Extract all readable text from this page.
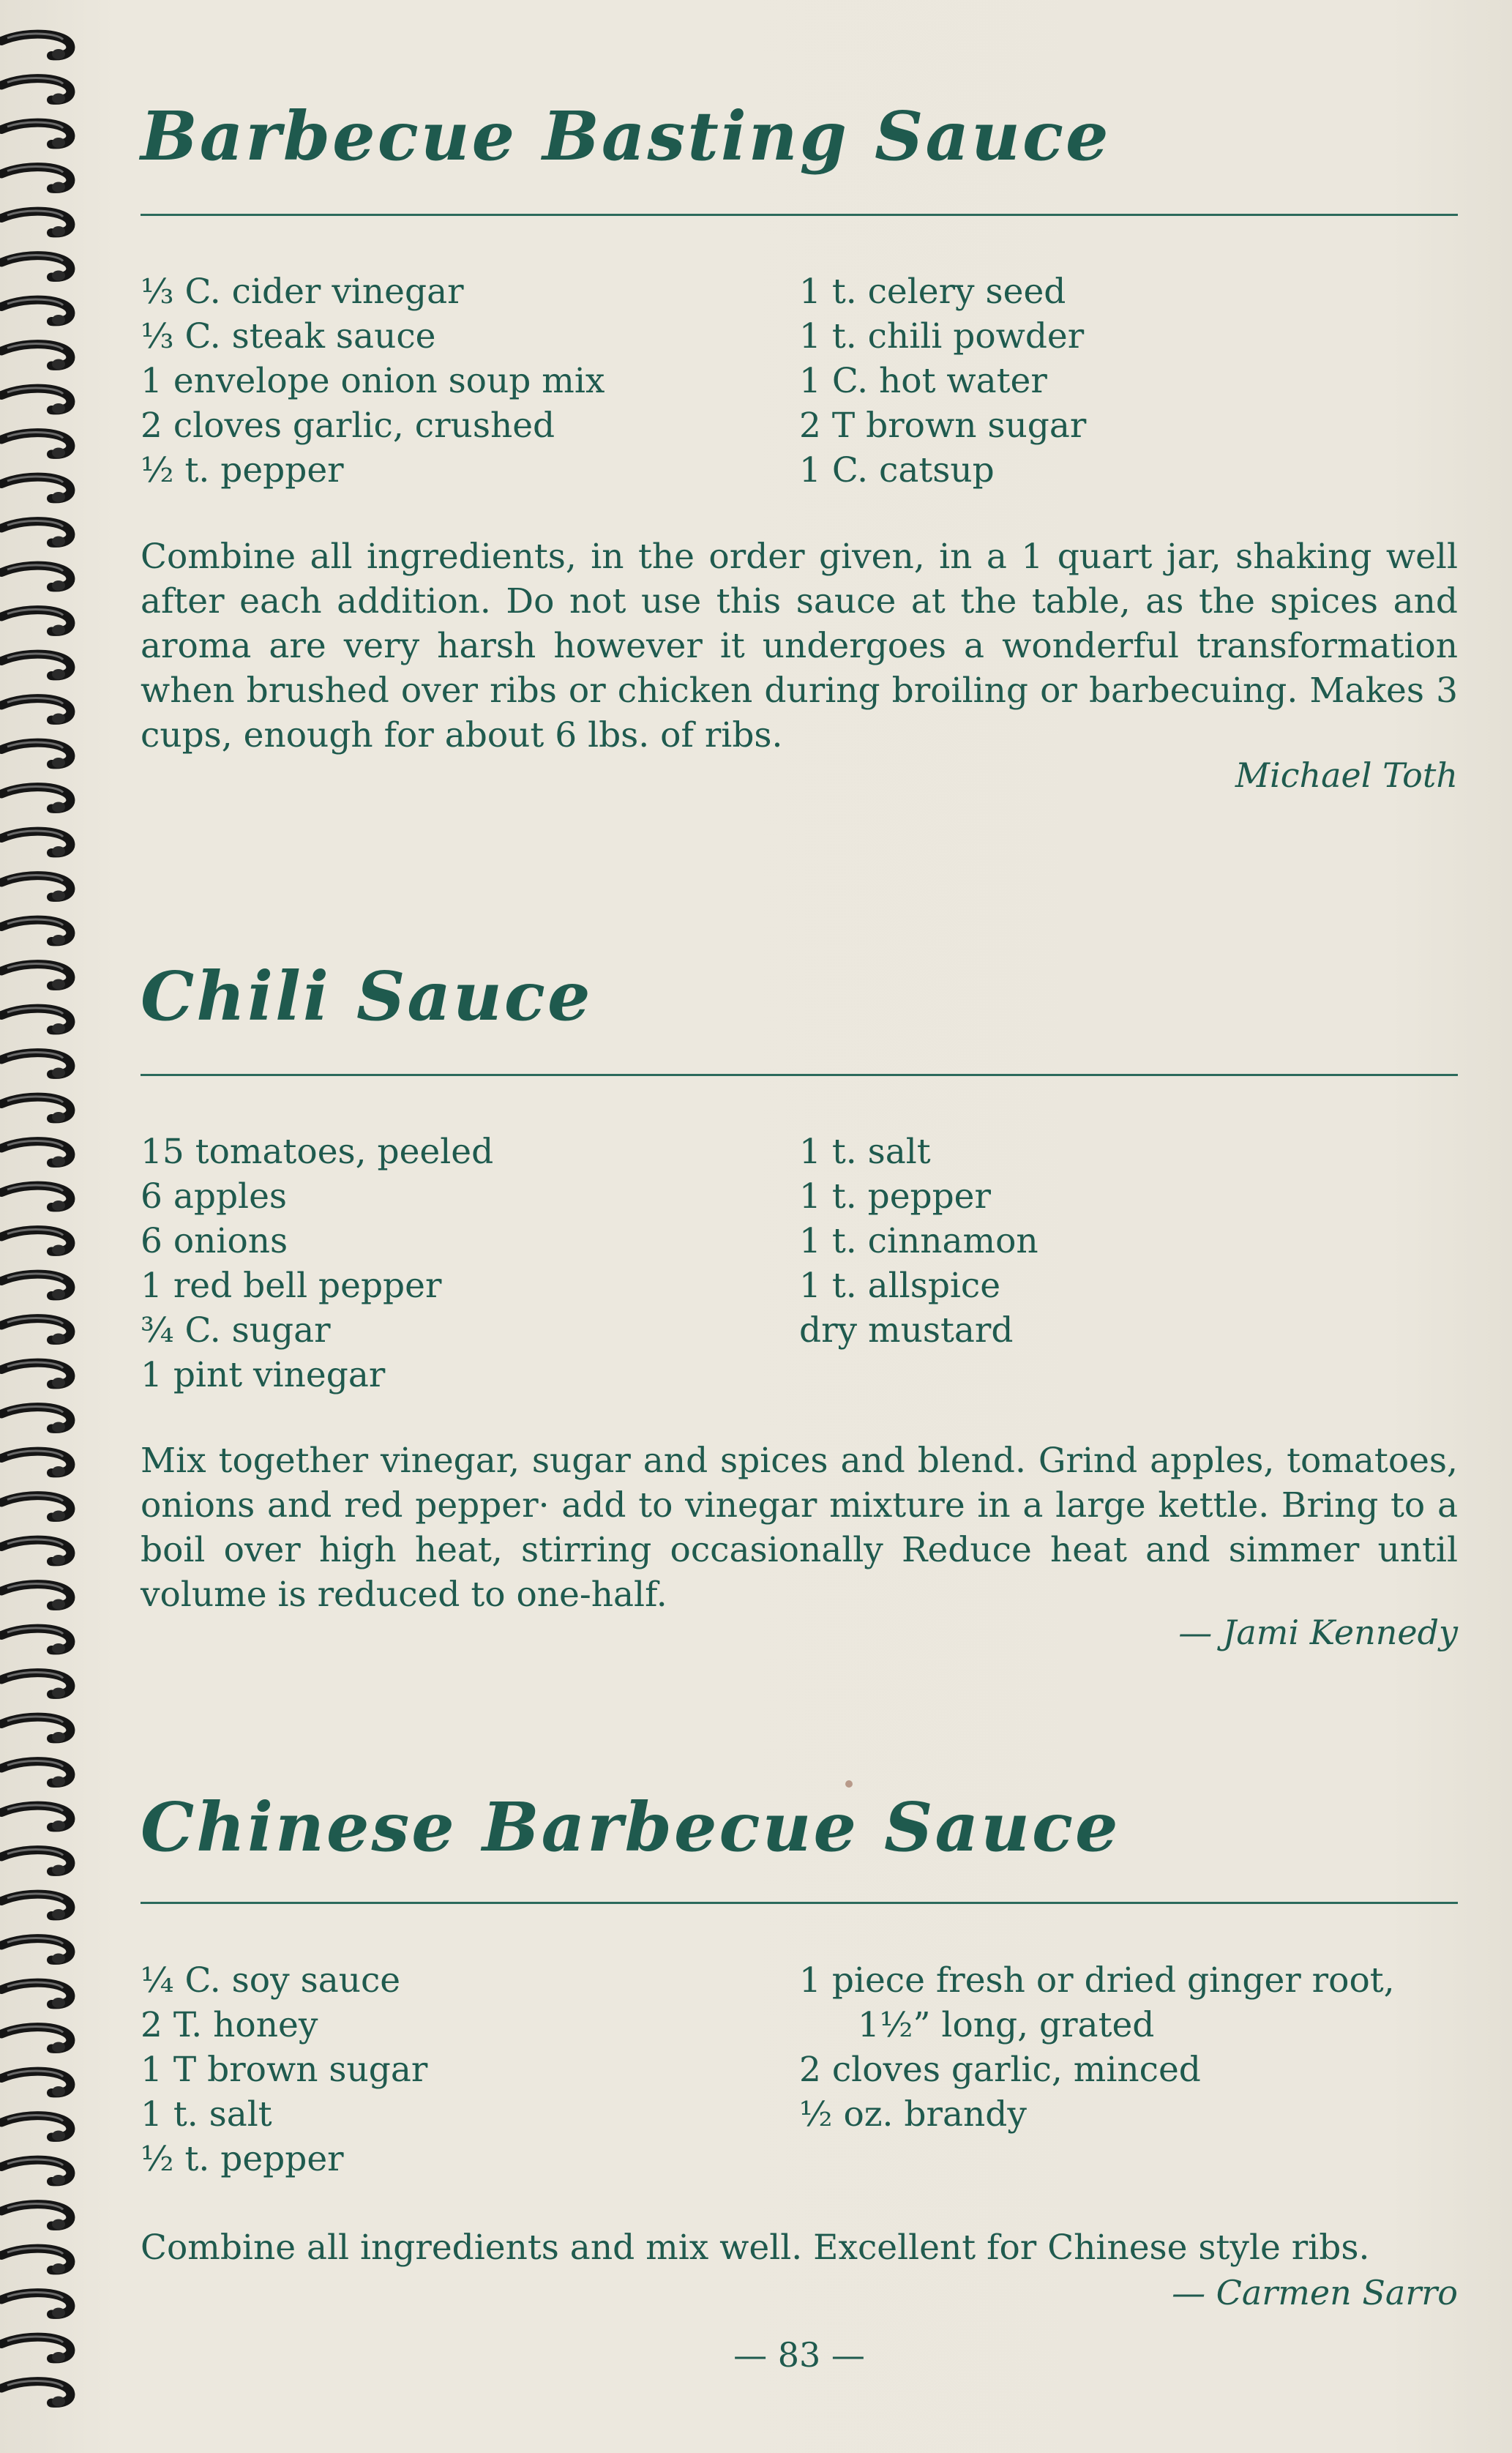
Barbecue Basting Sauce
⅓ C. cider vinegar
⅓ C. steak sauce
1 envelope onion soup mix
2 cloves garlic, crushed
½ t. pepper
1 t. celery seed
1 t. chili powder
1 C. hot water
2 T brown sugar
1 C. catsup
Combine all ingredients, in the order given, in a 1 quart jar, shaking well after each addition. Do not use this sauce at the table, as the spices and aroma are very harsh however it undergoes a wonderful transformation when brushed over ribs or chicken during broiling or barbecuing. Makes 3 cups, enough for about 6 lbs. of ribs.
Michael Toth
Chili Sauce
15 tomatoes, peeled
6 apples
6 onions
1 red bell pepper
¾ C. sugar
1 pint vinegar
1 t. salt
1 t. pepper
1 t. cinnamon
1 t. allspice
dry mustard
Mix together vinegar, sugar and spices and blend. Grind apples, tomatoes, onions and red pepper· add to vinegar mixture in a large kettle. Bring to a boil over high heat, stirring occasionally Reduce heat and simmer until volume is reduced to one-half.
— Jami Kennedy
Chinese Barbecue Sauce
¼ C. soy sauce
2 T. honey
1 T brown sugar
1 t. salt
½ t. pepper
1 piece fresh or dried ginger root,
1½” long, grated
2 cloves garlic, minced
½ oz. brandy
Combine all ingredients and mix well. Excellent for Chinese style ribs.
— Carmen Sarro
— 83 —
